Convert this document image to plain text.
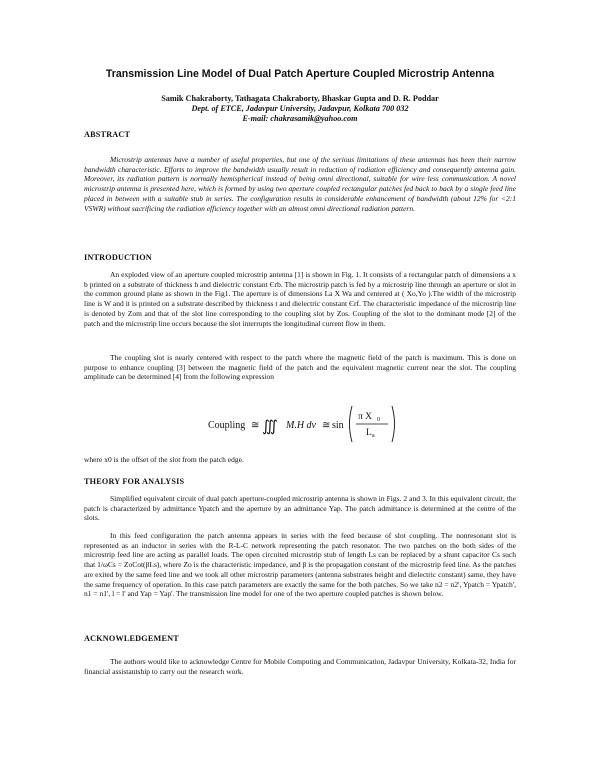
Transmission Line Model of Dual Patch Aperture Coupled Microstrip Antenna
Samik Chakraborty, Tathagata Chakraborty, Bhaskar Gupta and D. R. Poddar
Dept. of ETCE, Jadavpur University, Jadavpur, Kolkata 700 032
E-mail: chakrasamik@yahoo.com
ABSTRACT

Microstrip antennas have a number of useful properties, but one of the serious limitations of these antennas has been their narrow bandwidth characteristic. Efforts to improve the bandwidth usually result in reduction of radiation efficiency and consequently antenna gain. Moreover, its radiation pattern is normally hemispherical instead of being omni directional, suitable for wire less communication. A novel microstrip antenna is presented here, which is formed by using two aperture coupled rectangular patches fed back to back by a single feed line placed in between with a suitable stub in series. The configuration results in considerable enhancement of bandwidth (about 12% for <2:1 VSWR) without sacrificing the radiation efficiency together with an almost omni directional radiation pattern.

INTRODUCTION

An exploded view of an aperture coupled microstrip antenna [1] is shown in Fig. 1. It consists of a rectangular patch of dimensions a x b printed on a substrate of thickness h and dielectric constant Єrb. The microstrip patch is fed by a microstrip line through an aperture or slot in the common ground plane as shown in the Fig1. The aperture is of dimensions La X Wa and centered at ( Xo,Yo ).The width of the microstrip line is W and it is printed on a substrate described by thickness t and dielectric constant Єrf. The characteristic impedance of the microstrip line is denoted by Zom and that of the slot line corresponding to the coupling slot by Zos. Coupling of the slot to the dominant mode [2] of the patch and the microstrip line occurs because the slot interrupts the longitudinal current flow in them.

The coupling slot is nearly centered with respect to the patch where the magnetic field of the patch is maximum. This is done on purpose to enhance coupling [3] between the magnetic field of the patch and the equivalent magnetic current near the slot. The coupling amplitude can be determined [4] from the following expression

Coupling ≅ ∭ M.H dv ≅ sin
π X 0
L a

where x0 is the offset of the slot from the patch edge.

THEORY FOR ANALYSIS

Simplified equivalent circuit of dual patch aperture-coupled microstrip antenna is shown in Figs. 2 and 3. In this equivalent circuit, the patch is characterized by admittance Ypatch and the aperture by an admittance Yap. The patch admittance is determined at the centre of the slots.

In this feed configuration the patch antenna appears in series with the feed because of slot coupling. The nonresonant slot is represented as an inductor in series with the R-L-C network representing the patch resonator. The two patches on the both sides of the microstrip feed line are acting as parallel loads. The open circuited microstrip stub of length Ls can be replaced by a shunt capacitor Cs such that 1/ωCs = ZoCot(βLs), where Zo is the characteristic impedance, and β is the propagation constant of the microstrip feed line. As the patches are exited by the same feed line and we took all other microstrip parameters (antenna substrates height and dielectric constant) same, they have the same frequency of operation. In this case patch parameters are exactly the same for the both patches. So we take n2 = n2', Ypatch = Ypatch', n1 = n1', l = l' and Yap = Yap'. The transmission line model for one of the two aperture coupled patches is shown below.

ACKNOWLEDGEMENT

The authors would like to acknowledge Centre for Mobile Computing and Communication, Jadavpur University, Kolkata-32, India for financial assistantship to carry out the research work.
